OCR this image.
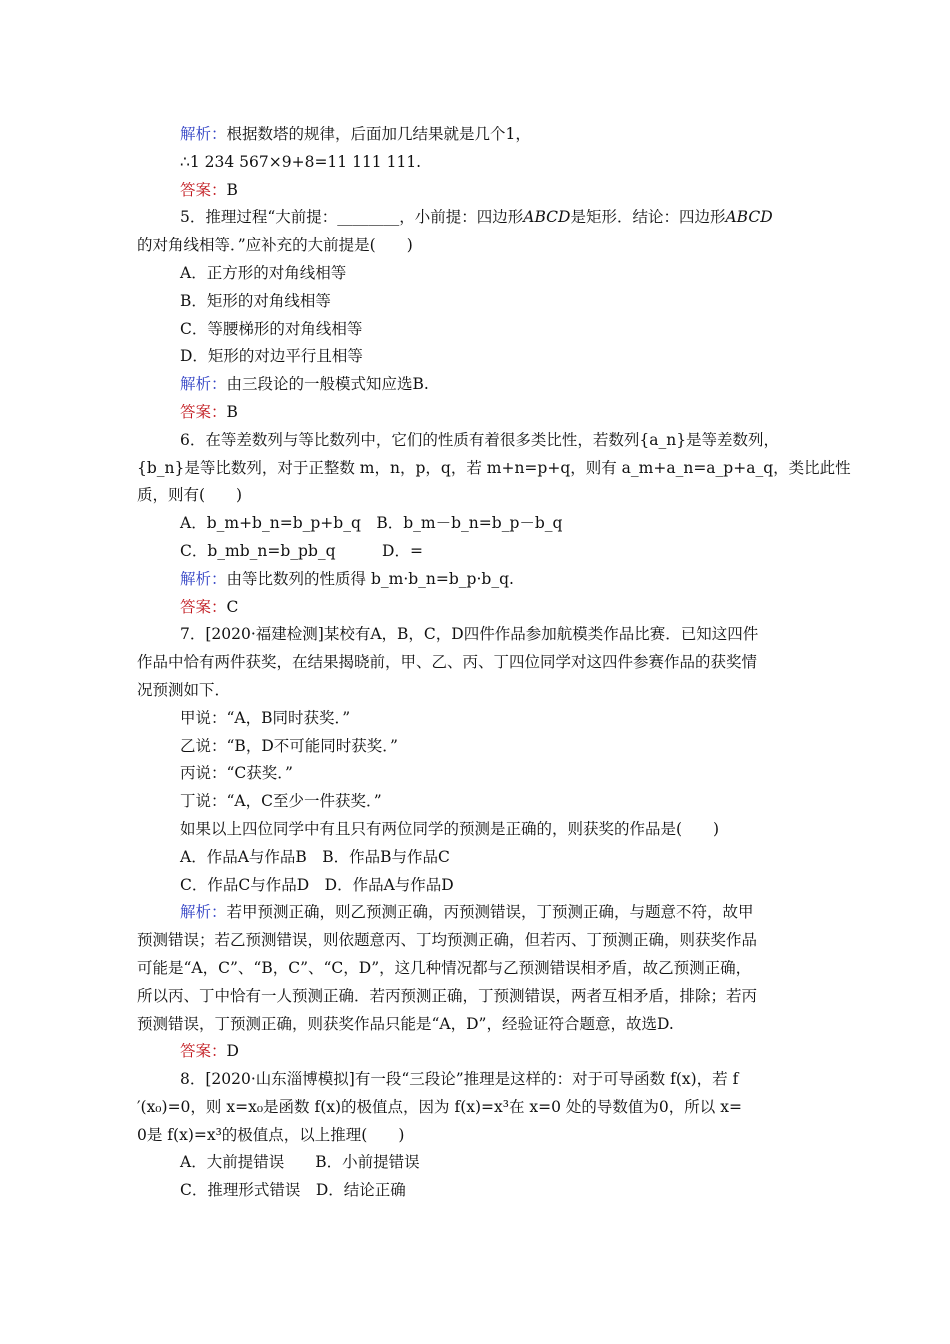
解析：根据数塔的规律，后面加几结果就是几个1，
∴1 234 567×9+8=11 111 111.
答案：B
5．推理过程“大前提：________，小前提：四边形ABCD是矩形．结论：四边形ABCD
的对角线相等．”应补充的大前提是(　　)
A．正方形的对角线相等
B．矩形的对角线相等
C．等腰梯形的对角线相等
D．矩形的对边平行且相等
解析：由三段论的一般模式知应选B.
答案：B
6．在等差数列与等比数列中，它们的性质有着很多类比性，若数列{a_n}是等差数列，
{b_n}是等比数列，对于正整数 m，n，p，q，若 m+n=p+q，则有 a_m+a_n=a_p+a_q，类比此性
质，则有(　　)
A．b_m+b_n=b_p+b_q　B．b_m－b_n=b_p－b_q
C．b_mb_n=b_pb_q　　　D．=
解析：由等比数列的性质得 b_m·b_n=b_p·b_q.
答案：C
7．[2020·福建检测]某校有A，B，C，D四件作品参加航模类作品比赛．已知这四件
作品中恰有两件获奖，在结果揭晓前，甲、乙、丙、丁四位同学对这四件参赛作品的获奖情
况预测如下．
甲说：“A，B同时获奖．”
乙说：“B，D不可能同时获奖．”
丙说：“C获奖．”
丁说：“A，C至少一件获奖．”
如果以上四位同学中有且只有两位同学的预测是正确的，则获奖的作品是(　　)
A．作品A与作品B　B．作品B与作品C
C．作品C与作品D　D．作品A与作品D
解析：若甲预测正确，则乙预测正确，丙预测错误，丁预测正确，与题意不符，故甲
预测错误；若乙预测错误，则依题意丙、丁均预测正确，但若丙、丁预测正确，则获奖作品
可能是“A，C”、“B，C”、“C，D”，这几种情况都与乙预测错误相矛盾，故乙预测正确，
所以丙、丁中恰有一人预测正确．若丙预测正确，丁预测错误，两者互相矛盾，排除；若丙
预测错误，丁预测正确，则获奖作品只能是“A，D”，经验证符合题意，故选D.
答案：D
8．[2020·山东淄博模拟]有一段“三段论”推理是这样的：对于可导函数 f(x)，若 f
′(x₀)=0，则 x=x₀是函数 f(x)的极值点，因为 f(x)=x³在 x=0 处的导数值为0，所以 x=
0是 f(x)=x³的极值点，以上推理(　　)
A．大前提错误　　B．小前提错误
C．推理形式错误　D．结论正确
